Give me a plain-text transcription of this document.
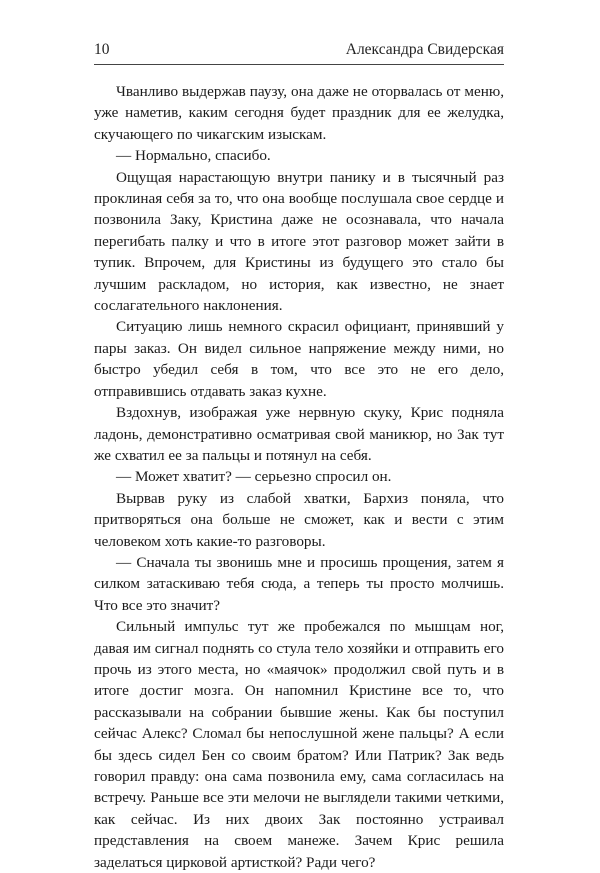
10	Александра Свидерская

Чванливо выдержав паузу, она даже не оторвалась от меню, уже наметив, каким сегодня будет праздник для ее желудка, скучающего по чикагским изыскам.

— Нормально, спасибо.

Ощущая нарастающую внутри панику и в тысячный раз проклиная себя за то, что она вообще послушала свое сердце и позвонила Заку, Кристина даже не осознавала, что начала перегибать палку и что в итоге этот разговор может зайти в тупик. Впрочем, для Кристины из будущего это стало бы лучшим раскладом, но история, как известно, не знает сослагательного наклонения.

Ситуацию лишь немного скрасил официант, принявший у пары заказ. Он видел сильное напряжение между ними, но быстро убедил себя в том, что все это не его дело, отправившись отдавать заказ кухне.

Вздохнув, изображая уже нервную скуку, Крис подняла ладонь, демонстративно осматривая свой маникюр, но Зак тут же схватил ее за пальцы и потянул на себя.

— Может хватит? — серьезно спросил он.

Вырвав руку из слабой хватки, Бархиз поняла, что притворяться она больше не сможет, как и вести с этим человеком хоть какие-то разговоры.

— Сначала ты звонишь мне и просишь прощения, затем я силком затаскиваю тебя сюда, а теперь ты просто молчишь. Что все это значит?

Сильный импульс тут же пробежался по мышцам ног, давая им сигнал поднять со стула тело хозяйки и отправить его прочь из этого места, но «маячок» продолжил свой путь и в итоге достиг мозга. Он напомнил Кристине все то, что рассказывали на собрании бывшие жены. Как бы поступил сейчас Алекс? Сломал бы непослушной жене пальцы? А если бы здесь сидел Бен со своим братом? Или Патрик? Зак ведь говорил правду: она сама позвонила ему, сама согласилась на встречу. Раньше все эти мелочи не выглядели такими четкими, как сейчас. Из них двоих Зак постоянно устраивал представления на своем манеже. Зачем Крис решила заделаться цирковой артисткой? Ради чего?
